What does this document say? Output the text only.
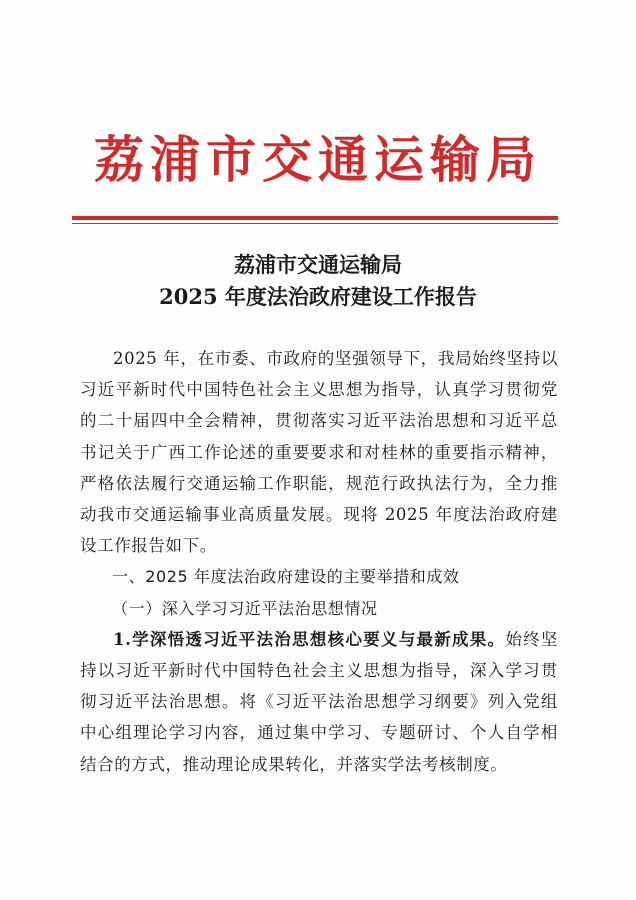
荔浦市交通运输局
荔浦市交通运输局
2025 年度法治政府建设工作报告

2025 年，在市委、市政府的坚强领导下，我局始终坚持以习近平新时代中国特色社会主义思想为指导，认真学习贯彻党的二十届四中全会精神，贯彻落实习近平法治思想和习近平总书记关于广西工作论述的重要要求和对桂林的重要指示精神，严格依法履行交通运输工作职能，规范行政执法行为，全力推动我市交通运输事业高质量发展。现将 2025 年度法治政府建设工作报告如下。

一、2025 年度法治政府建设的主要举措和成效

（一）深入学习习近平法治思想情况

1.学深悟透习近平法治思想核心要义与最新成果。始终坚持以习近平新时代中国特色社会主义思想为指导，深入学习贯彻习近平法治思想。将《习近平法治思想学习纲要》列入党组中心组理论学习内容，通过集中学习、专题研讨、个人自学相结合的方式，推动理论成果转化，并落实学法考核制度。
